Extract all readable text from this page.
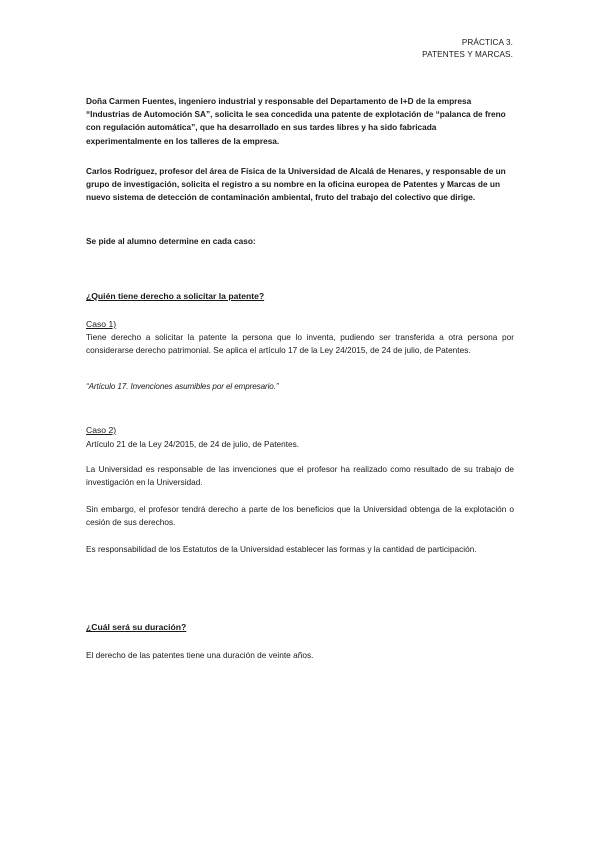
PRÁCTICA 3.
PATENTES Y MARCAS.

Doña Carmen Fuentes, ingeniero industrial y responsable del Departamento de I+D de la empresa “Industrias de Automoción SA”, solicita le sea concedida una patente de explotación de “palanca de freno con regulación automática”, que ha desarrollado en sus tardes libres y ha sido fabricada experimentalmente en los talleres de la empresa.

Carlos Rodríguez, profesor del área de Física de la Universidad de Alcalá de Henares, y responsable de un grupo de investigación, solicita el registro a su nombre en la oficina europea de Patentes y Marcas de un nuevo sistema de detección de contaminación ambiental, fruto del trabajo del colectivo que dirige.

Se pide al alumno determine en cada caso:

¿Quién tiene derecho a solicitar la patente?

Caso 1)

Tiene derecho a solicitar la patente la persona que lo inventa, pudiendo ser transferida a otra persona por considerarse derecho patrimonial. Se aplica el artículo 17 de la Ley 24/2015, de 24 de julio, de Patentes.

“Artículo 17. Invenciones asumibles por el empresario.”

Caso 2)

Artículo 21 de la Ley 24/2015, de 24 de julio, de Patentes.

La Universidad es responsable de las invenciones que el profesor ha realizado como resultado de su trabajo de investigación en la Universidad.

Sin embargo, el profesor tendrá derecho a parte de los beneficios que la Universidad obtenga de la explotación o cesión de sus derechos.

Es responsabilidad de los Estatutos de la Universidad establecer las formas y la cantidad de participación.

¿Cuál será su duración?

El derecho de las patentes tiene una duración de veinte años.
